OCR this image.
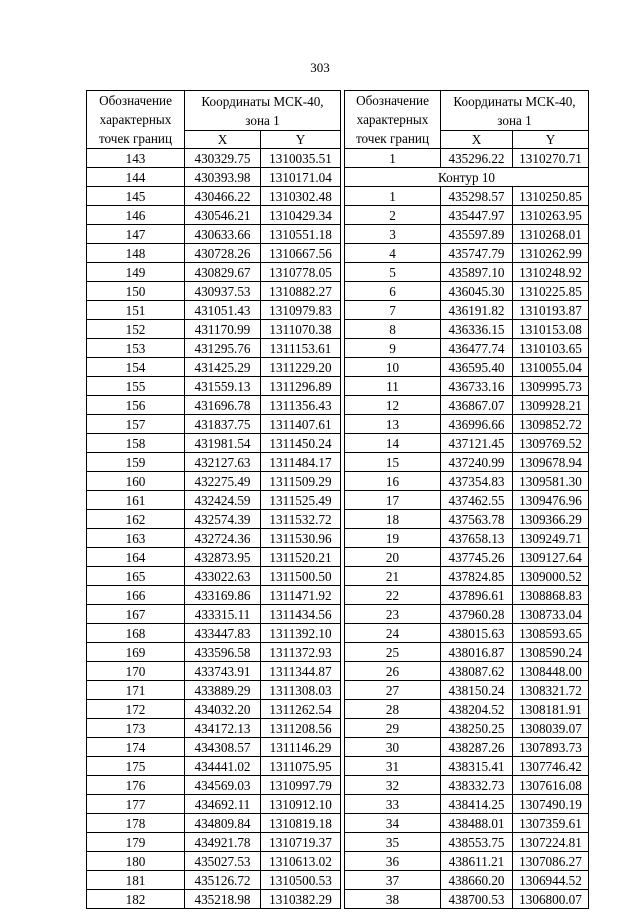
303
Обозначение
характерных
точек границ	Координаты МСК-40, зона 1	

	X	Y
143	430329.75	1310035.51
144	430393.98	1310171.04
145	430466.22	1310302.48
146	430546.21	1310429.34
147	430633.66	1310551.18
148	430728.26	1310667.56
149	430829.67	1310778.05
150	430937.53	1310882.27
151	431051.43	1310979.83
152	431170.99	1311070.38
153	431295.76	1311153.61
154	431425.29	1311229.20
155	431559.13	1311296.89
156	431696.78	1311356.43
157	431837.75	1311407.61
158	431981.54	1311450.24
159	432127.63	1311484.17
160	432275.49	1311509.29
161	432424.59	1311525.49
162	432574.39	1311532.72
163	432724.36	1311530.96
164	432873.95	1311520.21
165	433022.63	1311500.50
166	433169.86	1311471.92
167	433315.11	1311434.56
168	433447.83	1311392.10
169	433596.58	1311372.93
170	433743.91	1311344.87
171	433889.29	1311308.03
172	434032.20	1311262.54
173	434172.13	1311208.56
174	434308.57	1311146.29
175	434441.02	1311075.95
176	434569.03	1310997.79
177	434692.11	1310912.10
178	434809.84	1310819.18
179	434921.78	1310719.37
180	435027.53	1310613.02
181	435126.72	1310500.53
182	435218.98	1310382.29
Обозначение
характерных
точек границ	Координаты МСК-40, зона 1	

	X	Y
1	435296.22	1310270.71
Контур 10		
1	435298.57	1310250.85
2	435447.97	1310263.95
3	435597.89	1310268.01
4	435747.79	1310262.99
5	435897.10	1310248.92
6	436045.30	1310225.85
7	436191.82	1310193.87
8	436336.15	1310153.08
9	436477.74	1310103.65
10	436595.40	1310055.04
11	436733.16	1309995.73
12	436867.07	1309928.21
13	436996.66	1309852.72
14	437121.45	1309769.52
15	437240.99	1309678.94
16	437354.83	1309581.30
17	437462.55	1309476.96
18	437563.78	1309366.29
19	437658.13	1309249.71
20	437745.26	1309127.64
21	437824.85	1309000.52
22	437896.61	1308868.83
23	437960.28	1308733.04
24	438015.63	1308593.65
25	438016.87	1308590.24
26	438087.62	1308448.00
27	438150.24	1308321.72
28	438204.52	1308181.91
29	438250.25	1308039.07
30	438287.26	1307893.73
31	438315.41	1307746.42
32	438332.73	1307616.08
33	438414.25	1307490.19
34	438488.01	1307359.61
35	438553.75	1307224.81
36	438611.21	1307086.27
37	438660.20	1306944.52
38	438700.53	1306800.07
